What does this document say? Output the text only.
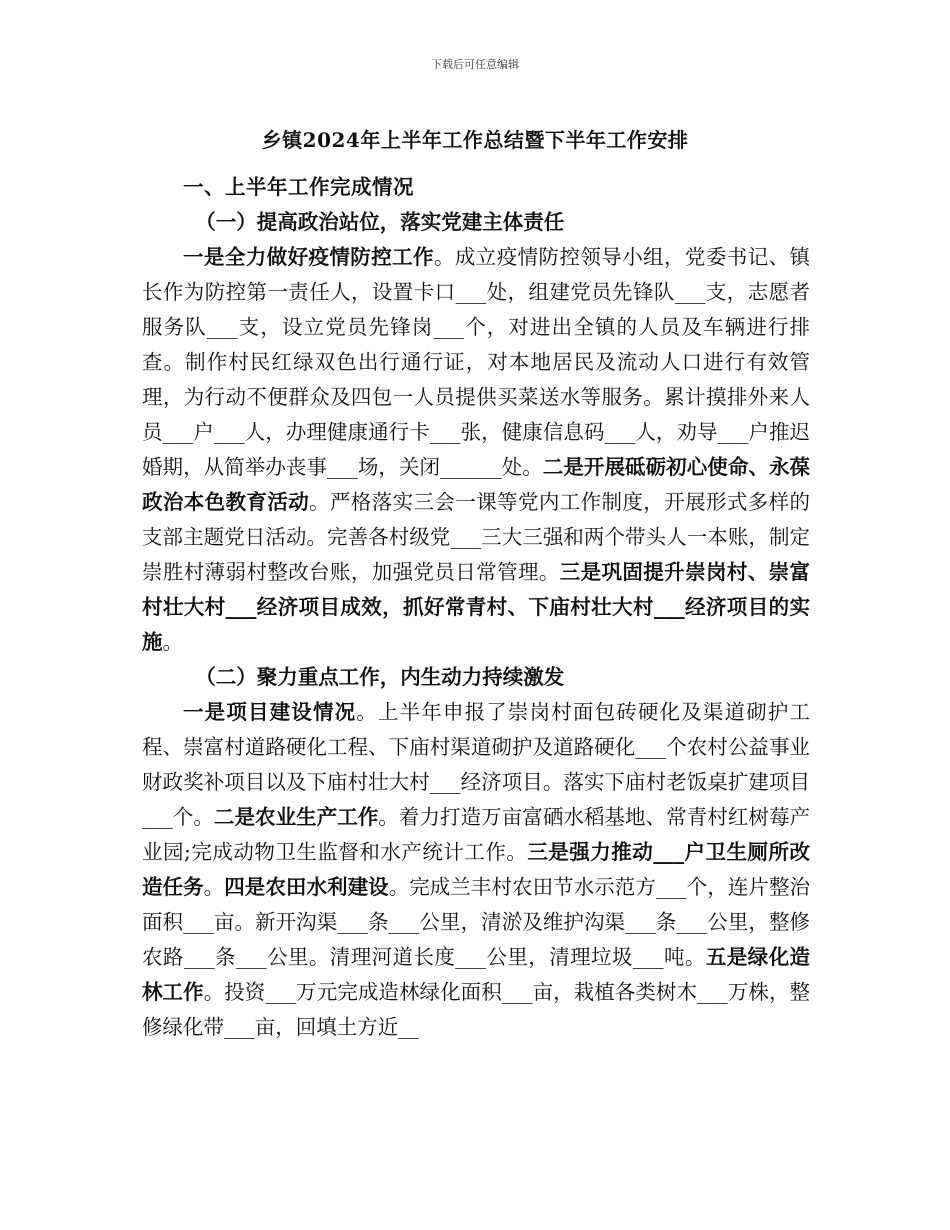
下载后可任意编辑
乡镇2024年上半年工作总结暨下半年工作安排

一、上半年工作完成情况

（一）提高政治站位，落实党建主体责任

一是全力做好疫情防控工作。成立疫情防控领导小组，党委书记、镇长作为防控第一责任人，设置卡口___处，组建党员先锋队___支，志愿者服务队___支，设立党员先锋岗___个，对进出全镇的人员及车辆进行排查。制作村民红绿双色出行通行证，对本地居民及流动人口进行有效管理，为行动不便群众及四包一人员提供买菜送水等服务。累计摸排外来人员___户___人，办理健康通行卡___张，健康信息码___人，劝导___户推迟婚期，从简举办丧事___场，关闭______处。二是开展砥砺初心使命、永葆政治本色教育活动。严格落实三会一课等党内工作制度，开展形式多样的支部主题党日活动。完善各村级党___三大三强和两个带头人一本账，制定崇胜村薄弱村整改台账，加强党员日常管理。三是巩固提升崇岗村、崇富村壮大村___经济项目成效，抓好常青村、下庙村壮大村___经济项目的实施。

（二）聚力重点工作，内生动力持续激发

一是项目建设情况。上半年申报了崇岗村面包砖硬化及渠道砌护工程、崇富村道路硬化工程、下庙村渠道砌护及道路硬化___个农村公益事业财政奖补项目以及下庙村壮大村___经济项目。落实下庙村老饭桌扩建项目___个。二是农业生产工作。着力打造万亩富硒水稻基地、常青村红树莓产业园;完成动物卫生监督和水产统计工作。三是强力推动___户卫生厕所改造任务。四是农田水利建设。完成兰丰村农田节水示范方___个，连片整治面积___亩。新开沟渠___条___公里，清淤及维护沟渠___条___公里，整修农路___条___公里。清理河道长度___公里，清理垃圾___吨。五是绿化造林工作。投资___万元完成造林绿化面积___亩，栽植各类树木___万株，整修绿化带___亩，回填土方近__
